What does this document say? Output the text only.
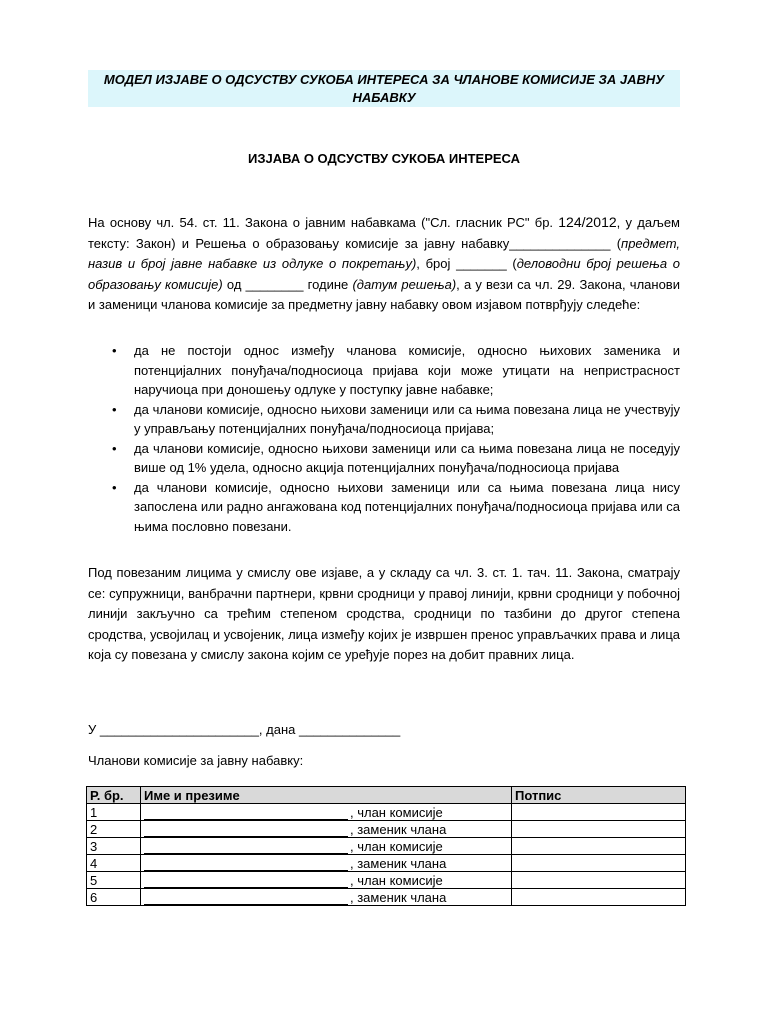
МОДЕЛ ИЗЈАВЕ О ОДСУСТВУ СУКОБА ИНТЕРЕСА ЗА ЧЛАНОВЕ КОМИСИЈЕ ЗА ЈАВНУ НАБАВКУ
ИЗЈАВА О ОДСУСТВУ СУКОБА ИНТЕРЕСА
На основу чл. 54. ст. 11. Закона о јавним набавкама ("Сл. гласник РС" бр. 124/2012, у даљем тексту: Закон) и Решења о образовању комисије за јавну набавку______________ (предмет, назив и број јавне набавке из одлуке о покретању), број _______ (деловодни број решења о образовању комисије) од ________ године (датум решења), а у вези са чл. 29. Закона, чланови и заменици чланова комисије за предметну јавну набавку овом изјавом потврђују следеће:
• да не постоји однос између чланова комисије, односно њихових заменика и потенцијалних понуђача/подносиоца пријава који може утицати на непристрасност наручиоца при доношењу одлуке у поступку јавне набавке;
• да чланови комисије, односно њихови заменици или са њима повезана лица не учествују у управљању потенцијалних понуђача/подносиоца пријава;
• да чланови комисије, односно њихови заменици или са њима повезана лица не поседују више од 1% удела, односно акција потенцијалних понуђача/подносиоца пријава
• да чланови комисије, односно њихови заменици или са њима повезана лица нису запослена или радно ангажована код потенцијалних понуђача/подносиоца пријава или са њима пословно повезани.
Под повезаним лицима у смислу ове изјаве, а у складу са чл. 3. ст. 1. тач. 11. Закона, сматрају се: супружници, ванбрачни партнери, крвни сродници у правој линији, крвни сродници у побочној линији закључно са трећим степеном сродства, сродници по тазбини до другог степена сродства, усвојилац и усвојеник, лица између којих је извршен пренос управљачких права и лица која су повезана у смислу закона којим се уређује порез на добит правних лица.
У ______________________, дана ______________
Чланови комисије за јавну набавку:
Р. бр.	Име и презиме	Потпис
1	, члан комисије	
2	, заменик члана	
3	, члан комисије	
4	, заменик члана	
5	, члан комисије	
6	, заменик члана	
